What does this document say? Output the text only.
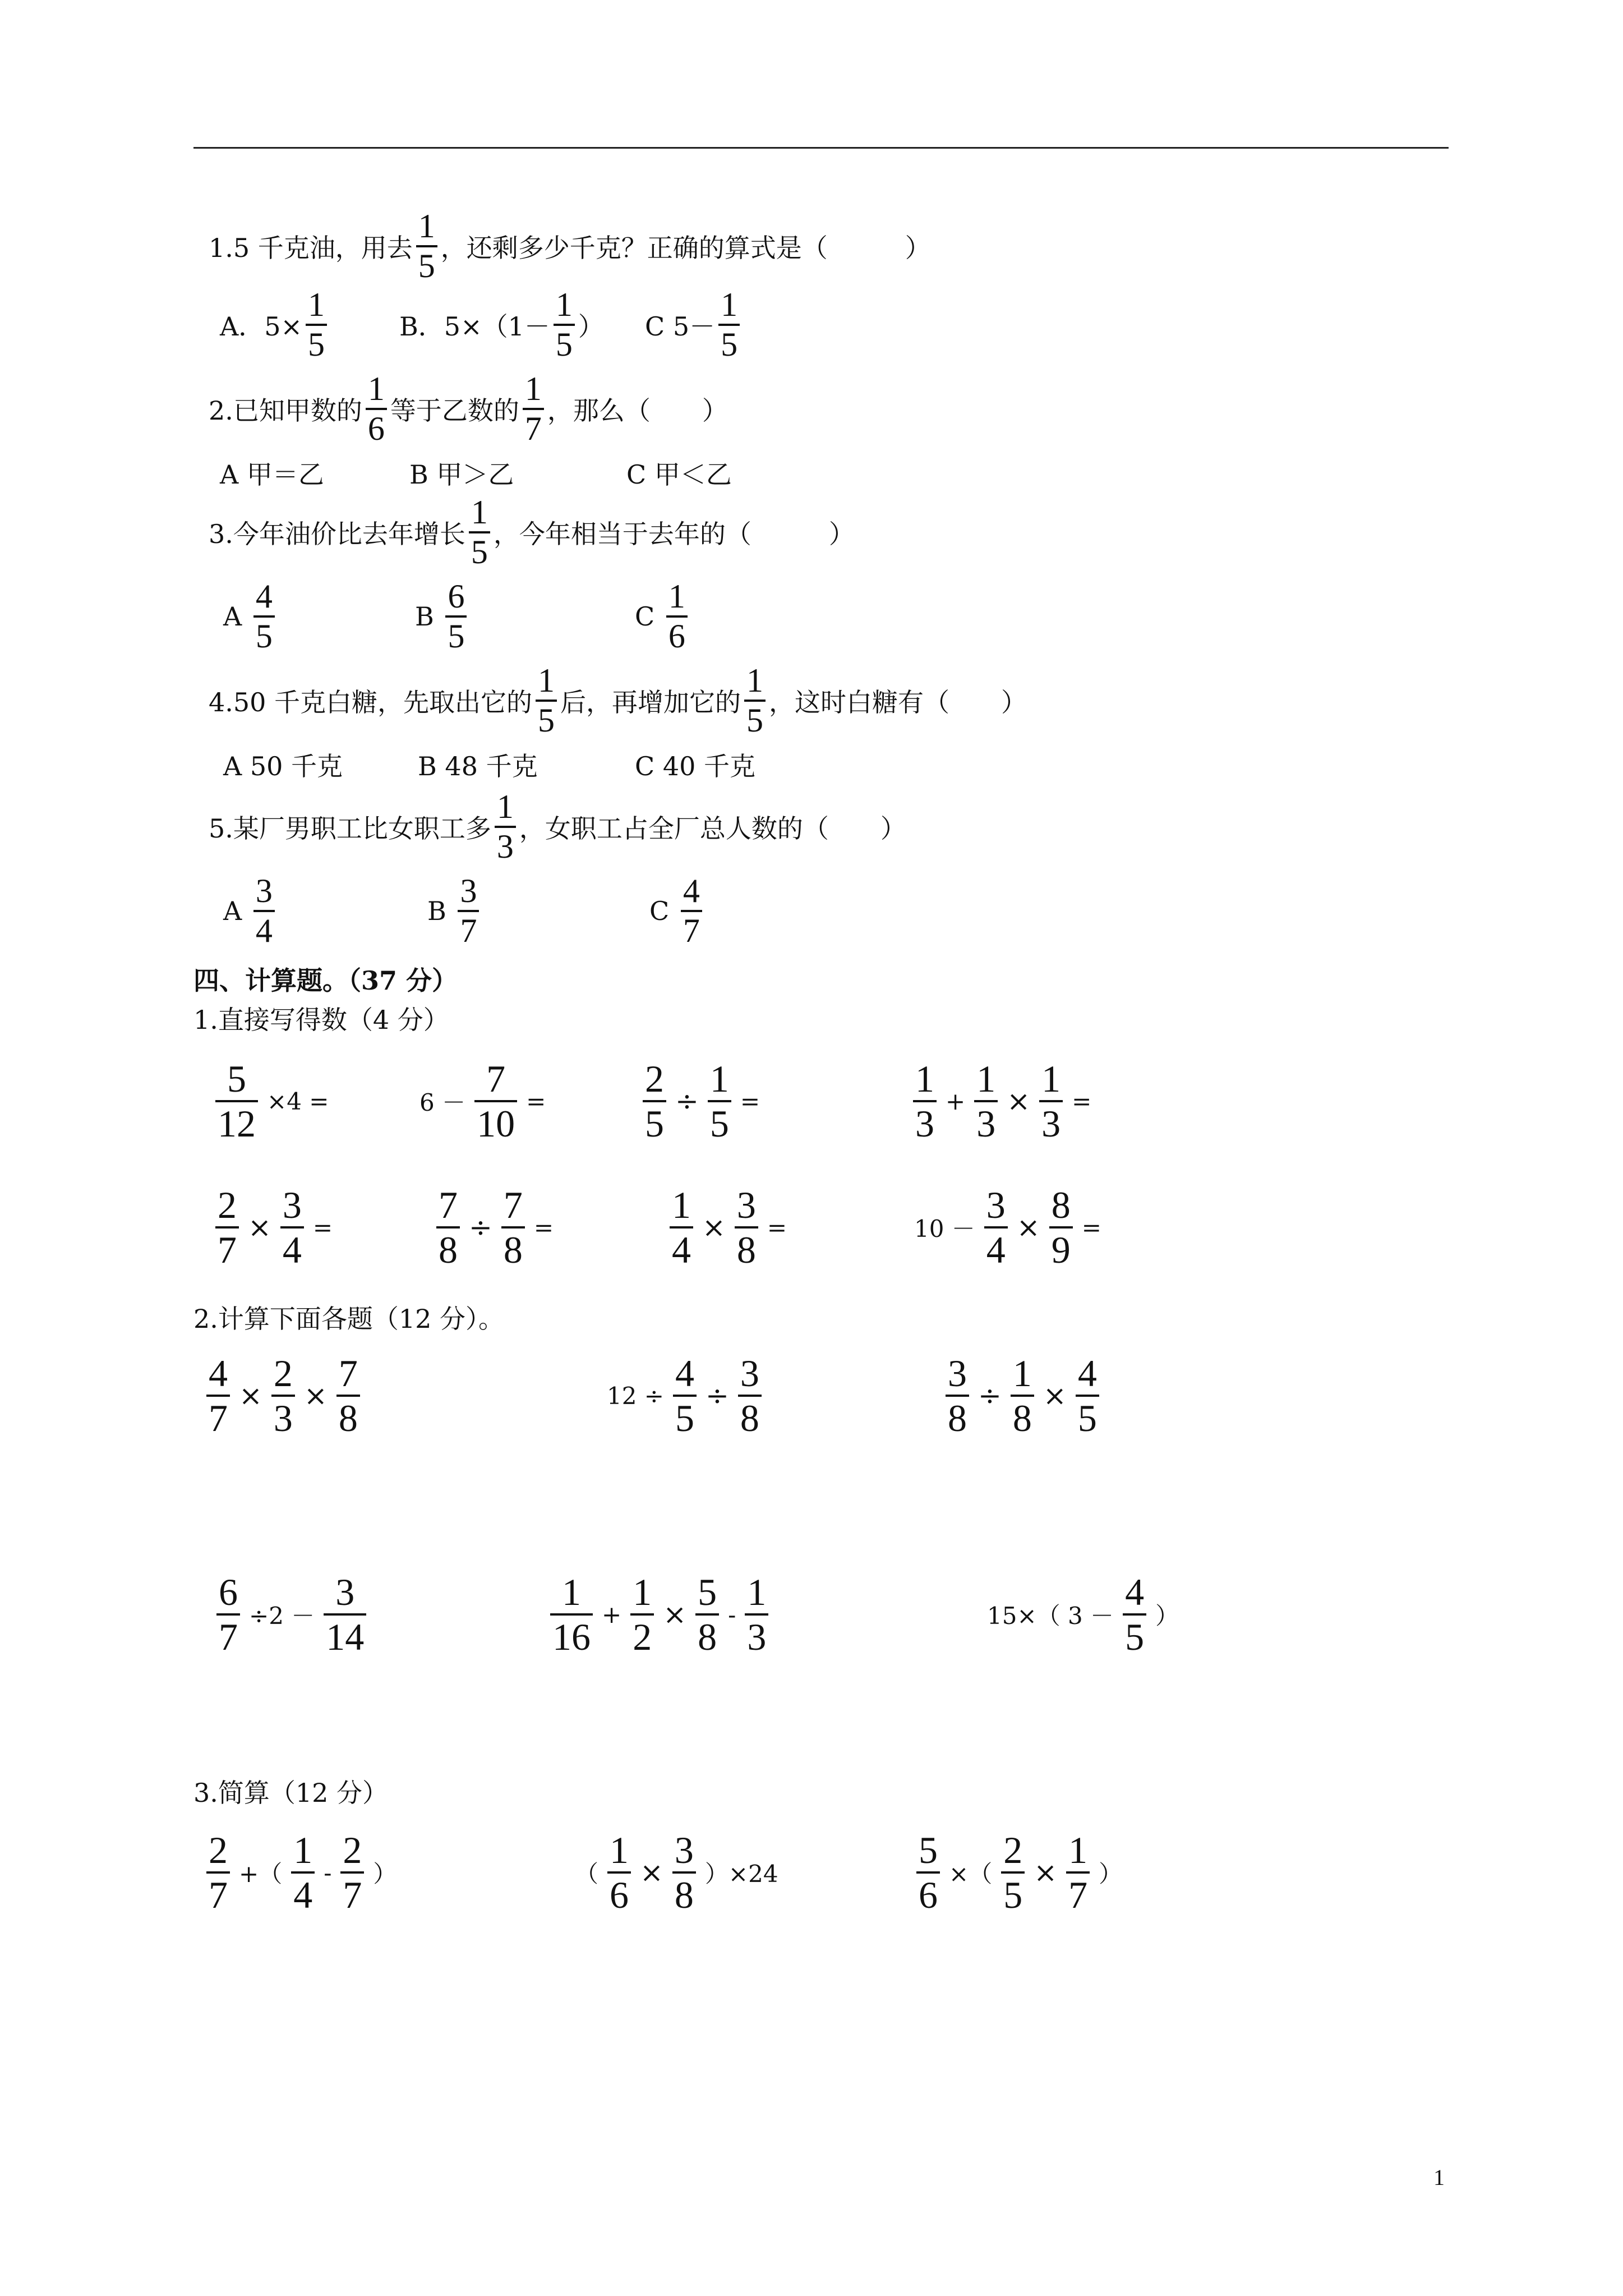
1.5 千克油，用去 $\frac{1}{5}$ ，还剩多少千克？正确的算式是（　　　）
A．$5\times \frac{1}{5}$	B．$5\times(1- \frac{1}{5}$ ） C $5- \frac{1}{5}$
2.已知甲数的 $\frac{1}{6}$ 等于乙数的 $\frac{1}{7}$ ，那么（　　）
A 甲＝乙	B 甲＞乙	C 甲＜乙
3.今年油价比去年增长 $\frac{1}{5}$ ，今年相当于去年的（　　　）
A
$\frac{4}{5}$	B
$\frac{6}{5}$	C
$\frac{1}{6}$
4.50 千克白糖，先取出它的 $\frac{1}{5}$ 后，再增加它的 $\frac{1}{5}$ ，这时白糖有（　　）
A 50 千克	B 48 千克	C 40 千克
5.某厂男职工比女职工多 $\frac{1}{3}$ ，女职工占全厂总人数的（　　）
A
$\frac{3}{4}$	B
$\frac{3}{7}$	C
$\frac{4}{7}$
四、计算题。（37 分）
1.直接写得数（4 分）
$\frac{5}{12} \times 4$ =	$6 - \frac{7}{10}$ =	$\frac{2}{5} \div \frac{1}{5}$ =	$\frac{1}{3} + \frac{1}{3} \times \frac{1}{3}$ =
$\frac{2}{7} \times \frac{3}{4}$ =	$\frac{7}{8} \div \frac{7}{8}$ =	$\frac{1}{4} \times \frac{3}{8}$ =	$10 - \frac{3}{4} \times \frac{8}{9}$ =
2.计算下面各题（12 分）。
$\frac{4}{7} \times \frac{2}{3} \times \frac{7}{8}$	$12 \div \frac{4}{5} \div \frac{3}{8}$	$\frac{3}{8} \div \frac{1}{8} \times \frac{4}{5}$
$\frac{6}{7} \div 2 - \frac{3}{14}$	$\frac{1}{16} + \frac{1}{2} \times \frac{5}{8} - \frac{1}{3}$	15×（ $3 - \frac{4}{5}$ ）
3.简算（12 分）
$\frac{2}{7}$ +（ $\frac{1}{4} - \frac{2}{7}$ ）	（ $\frac{1}{6} \times \frac{3}{8} )\times 24$	$\frac{5}{6}$ ×（ $\frac{2}{5} \times \frac{1}{7}$ ）
1
